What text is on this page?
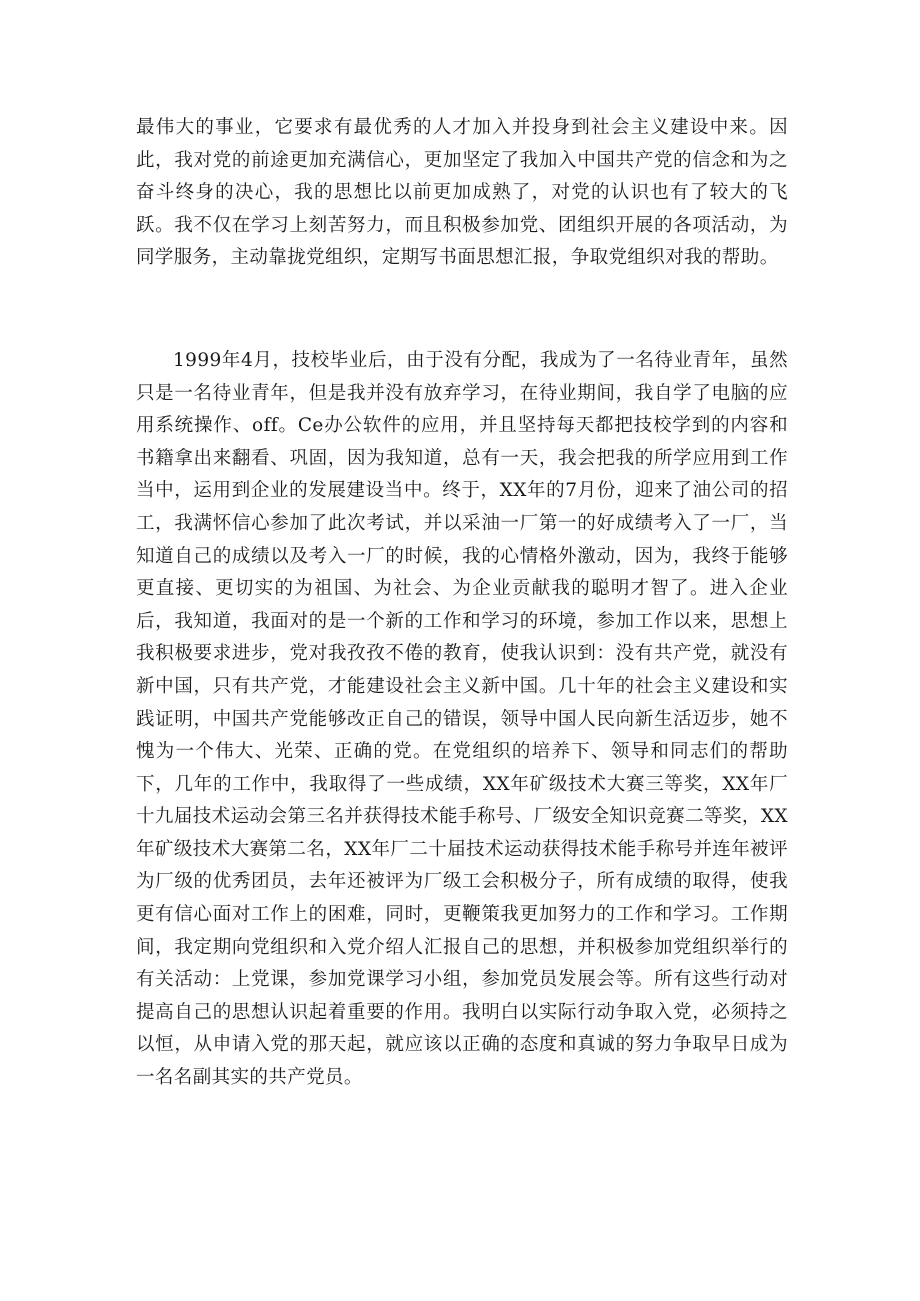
最伟大的事业，它要求有最优秀的人才加入并投身到社会主义建设中来。因此，我对党的前途更加充满信心，更加坚定了我加入中国共产党的信念和为之奋斗终身的决心，我的思想比以前更加成熟了，对党的认识也有了较大的飞跃。我不仅在学习上刻苦努力，而且积极参加党、团组织开展的各项活动，为同学服务，主动靠拢党组织，定期写书面思想汇报，争取党组织对我的帮助。

1999年4月，技校毕业后，由于没有分配，我成为了一名待业青年，虽然只是一名待业青年，但是我并没有放弃学习，在待业期间，我自学了电脑的应用系统操作、off。Ce办公软件的应用，并且坚持每天都把技校学到的内容和书籍拿出来翻看、巩固，因为我知道，总有一天，我会把我的所学应用到工作当中，运用到企业的发展建设当中。终于，XX年的7月份，迎来了油公司的招工，我满怀信心参加了此次考试，并以采油一厂第一的好成绩考入了一厂，当知道自己的成绩以及考入一厂的时候，我的心情格外激动，因为，我终于能够更直接、更切实的为祖国、为社会、为企业贡献我的聪明才智了。进入企业后，我知道，我面对的是一个新的工作和学习的环境，参加工作以来，思想上我积极要求进步，党对我孜孜不倦的教育，使我认识到：没有共产党，就没有新中国，只有共产党，才能建设社会主义新中国。几十年的社会主义建设和实践证明，中国共产党能够改正自己的错误，领导中国人民向新生活迈步，她不愧为一个伟大、光荣、正确的党。在党组织的培养下、领导和同志们的帮助下，几年的工作中，我取得了一些成绩，XX年矿级技术大赛三等奖，XX年厂十九届技术运动会第三名并获得技术能手称号、厂级安全知识竞赛二等奖，XX年矿级技术大赛第二名，XX年厂二十届技术运动获得技术能手称号并连年被评为厂级的优秀团员，去年还被评为厂级工会积极分子，所有成绩的取得，使我更有信心面对工作上的困难，同时，更鞭策我更加努力的工作和学习。工作期间，我定期向党组织和入党介绍人汇报自己的思想，并积极参加党组织举行的有关活动：上党课，参加党课学习小组，参加党员发展会等。所有这些行动对提高自己的思想认识起着重要的作用。我明白以实际行动争取入党，必须持之以恒，从申请入党的那天起，就应该以正确的态度和真诚的努力争取早日成为一名名副其实的共产党员。
